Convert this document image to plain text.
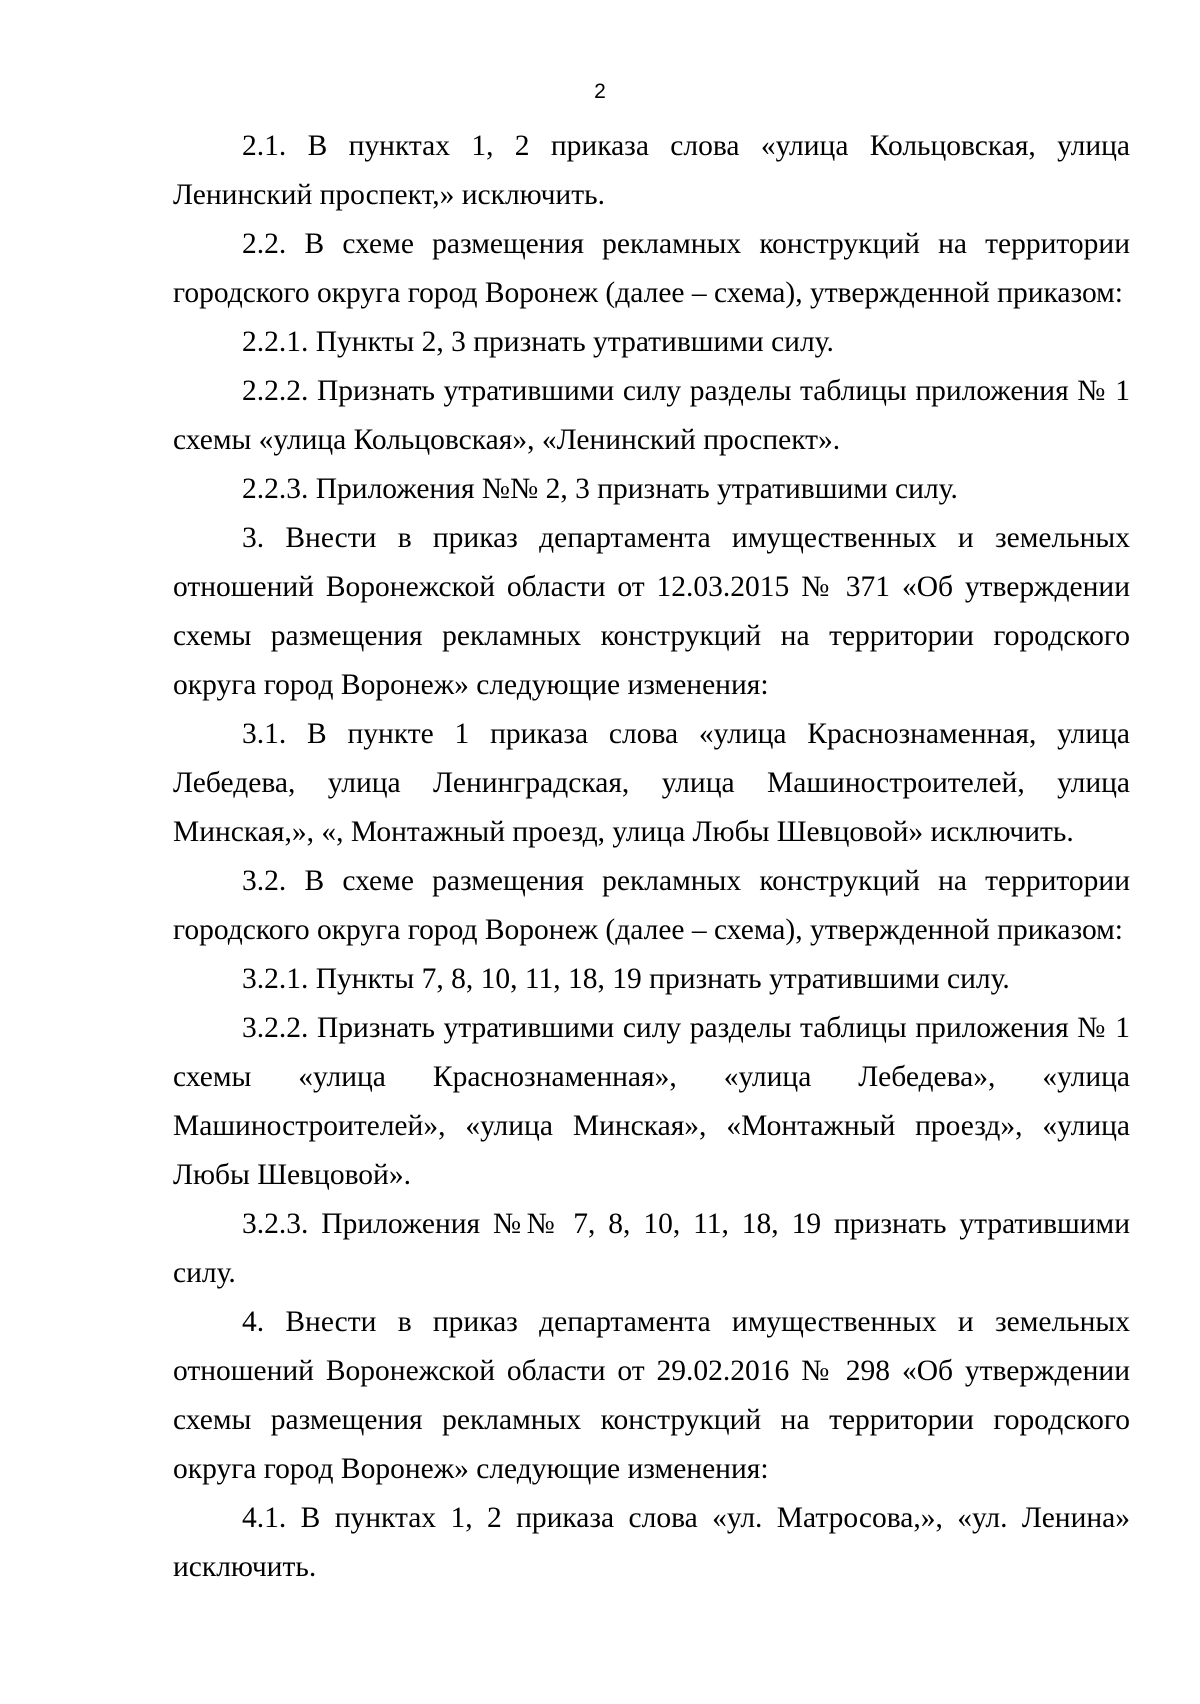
2

2.1. В пунктах 1, 2 приказа слова «улица Кольцовская, улица Ленинский проспект,» исключить.

2.2. В схеме размещения рекламных конструкций на территории городского округа город Воронеж (далее – схема), утвержденной приказом:

2.2.1. Пункты 2, 3 признать утратившими силу.

2.2.2. Признать утратившими силу разделы таблицы приложения № 1 схемы «улица Кольцовская», «Ленинский проспект».

2.2.3. Приложения №№ 2, 3 признать утратившими силу.

3. Внести в приказ департамента имущественных и земельных отношений Воронежской области от 12.03.2015 № 371 «Об утверждении схемы размещения рекламных конструкций на территории городского округа город Воронеж» следующие изменения:

3.1. В пункте 1 приказа слова «улица Краснознаменная, улица Лебедева, улица Ленинградская, улица Машиностроителей, улица Минская,», «, Монтажный проезд, улица Любы Шевцовой» исключить.

3.2. В схеме размещения рекламных конструкций на территории городского округа город Воронеж (далее – схема), утвержденной приказом:

3.2.1. Пункты 7, 8, 10, 11, 18, 19 признать утратившими силу.

3.2.2. Признать утратившими силу разделы таблицы приложения № 1 схемы «улица Краснознаменная», «улица Лебедева», «улица Машиностроителей», «улица Минская», «Монтажный проезд», «улица Любы Шевцовой».

3.2.3. Приложения №№ 7, 8, 10, 11, 18, 19 признать утратившими силу.

4. Внести в приказ департамента имущественных и земельных отношений Воронежской области от 29.02.2016 № 298 «Об утверждении схемы размещения рекламных конструкций на территории городского округа город Воронеж» следующие изменения:

4.1. В пунктах 1, 2 приказа слова «ул. Матросова,», «ул. Ленина» исключить.
